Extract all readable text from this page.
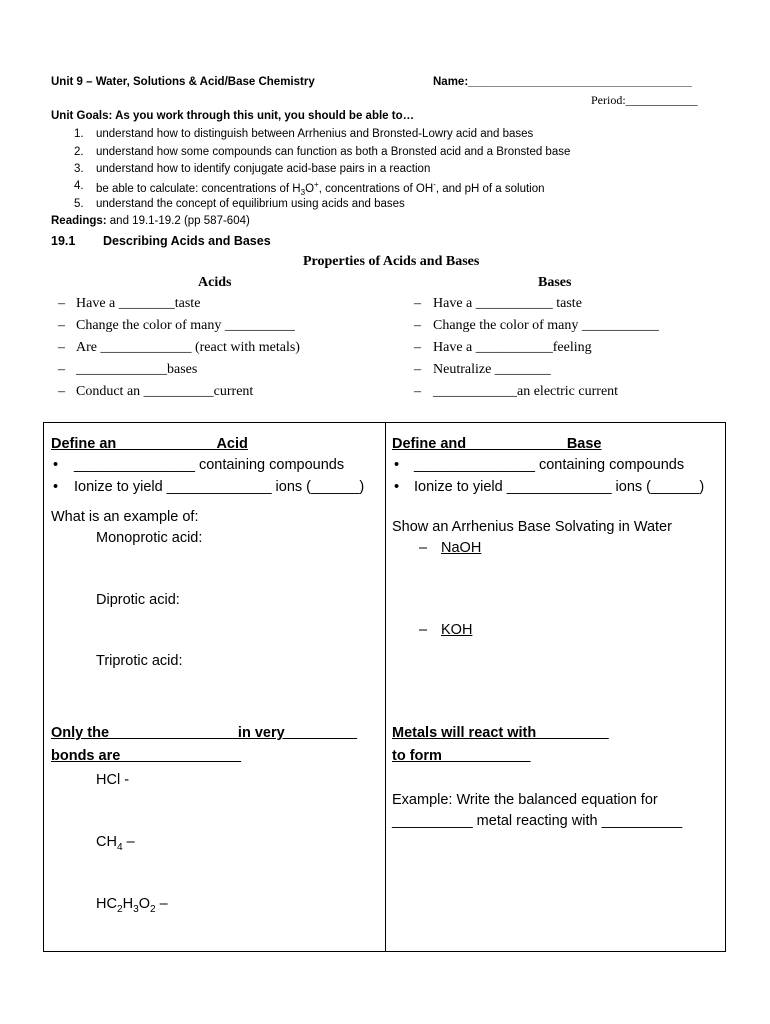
Unit 9 – Water, Solutions & Acid/Base Chemistry	Name:___________________________________
Period:____________
Unit Goals: As you work through this unit, you should be able to…
1. understand how to distinguish between Arrhenius and Bronsted-Lowry acid and bases
2. understand how some compounds can function as both a Bronsted acid and a Bronsted base
3. understand how to identify conjugate acid-base pairs in a reaction
4. be able to calculate: concentrations of $H_3O^+$, concentrations of OH-, and pH of a solution
5. understand the concept of equilibrium using acids and bases
Readings: and 19.1-19.2 (pp 587-604)
19.1 Describing Acids and Bases
Properties of Acids and Bases
Acids	Bases
– Have a ________taste
– Change the color of many __________
– Are _____________ (react with metals)
– _____________bases
– Conduct an __________current
– Have a ___________ taste
– Change the color of many ___________
– Have a ___________feeling
– Neutralize ________
– ____________an electric current
Define an                         Acid
• _______________ containing compounds
• Ionize to yield _____________ ions (______)
What is an example of:
Monoprotic acid:
Diprotic acid:
Triprotic acid:
Only the                                in very
bonds are
HCl -
$CH_4$ –
$HC_2H_3O_2$ –
Define and                         Base
• _______________ containing compounds
• Ionize to yield _____________ ions (______)
Show an Arrhenius Base Solvating in Water
– NaOH
– KOH
Metals will react with
to form
Example: Write the balanced equation for
__________ metal reacting with __________
